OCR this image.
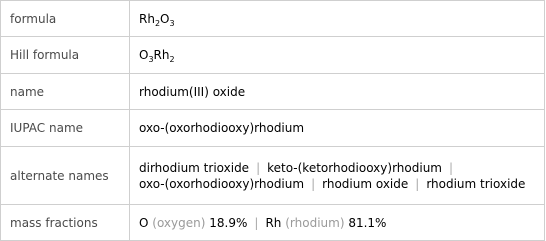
formula	$Rh_2O_3$
Hill formula	$O_3Rh_2$
name	rhodium(III) oxide
IUPAC name	oxo-(oxorhodiooxy)rhodium
alternate names	dirhodium trioxide | keto-(ketorhodiooxy)rhodium |
oxo-(oxorhodiooxy)rhodium | rhodium oxide | rhodium trioxide
mass fractions	O (oxygen) 18.9% | Rh (rhodium) 81.1%
